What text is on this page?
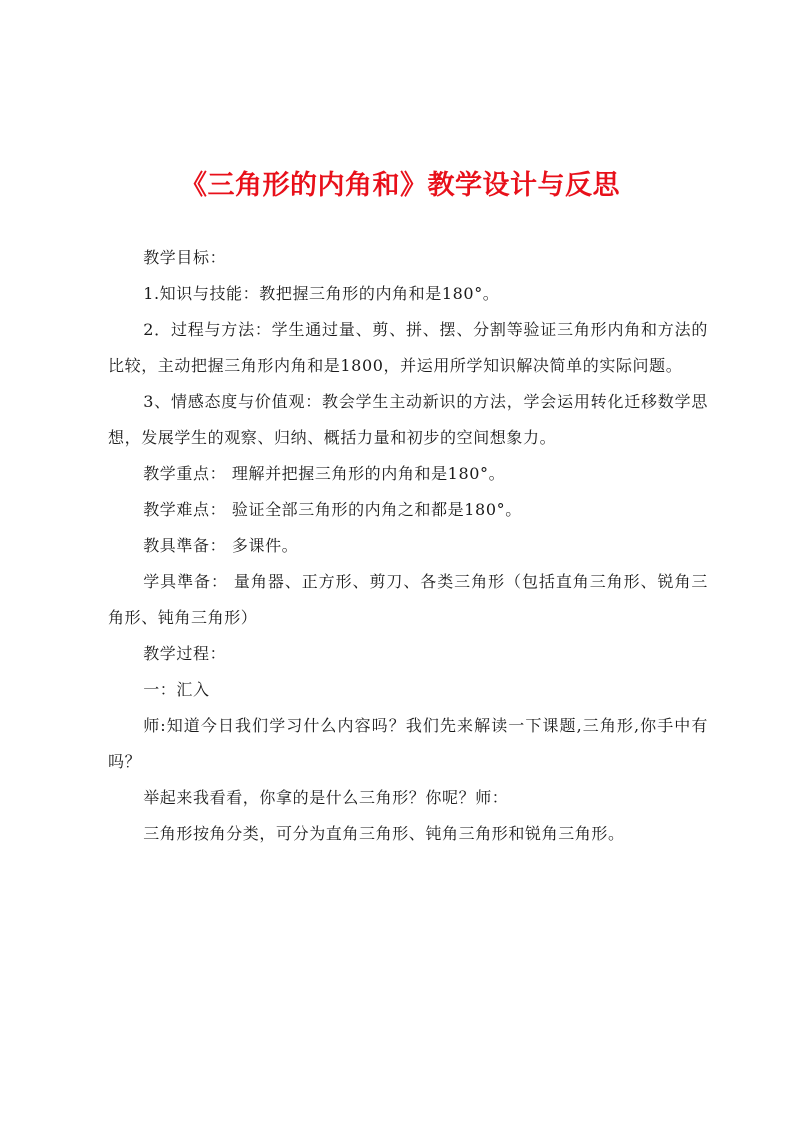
《三角形的内角和》教学设计与反思

教学目标：

1.知识与技能：教把握三角形的内角和是180°。

2．过程与方法：学生通过量、剪、拼、摆、分割等验证三角形内角和方法的比较，主动把握三角形内角和是1800，并运用所学知识解决简单的实际问题。

3、情感态度与价值观：教会学生主动新识的方法，学会运用转化迁移数学思想，发展学生的观察、归纳、概括力量和初步的空间想象力。

教学重点： 理解并把握三角形的内角和是180°。

教学难点： 验证全部三角形的内角之和都是180°。

教具準备： 多课件。

学具準备： 量角器、正方形、剪刀、各类三角形（包括直角三角形、锐角三角形、钝角三角形）

教学过程：

一：汇入

师:知道今日我们学习什么内容吗？我们先来解读一下课题,三角形,你手中有吗？

举起来我看看，你拿的是什么三角形？你呢？师：

三角形按角分类，可分为直角三角形、钝角三角形和锐角三角形。
